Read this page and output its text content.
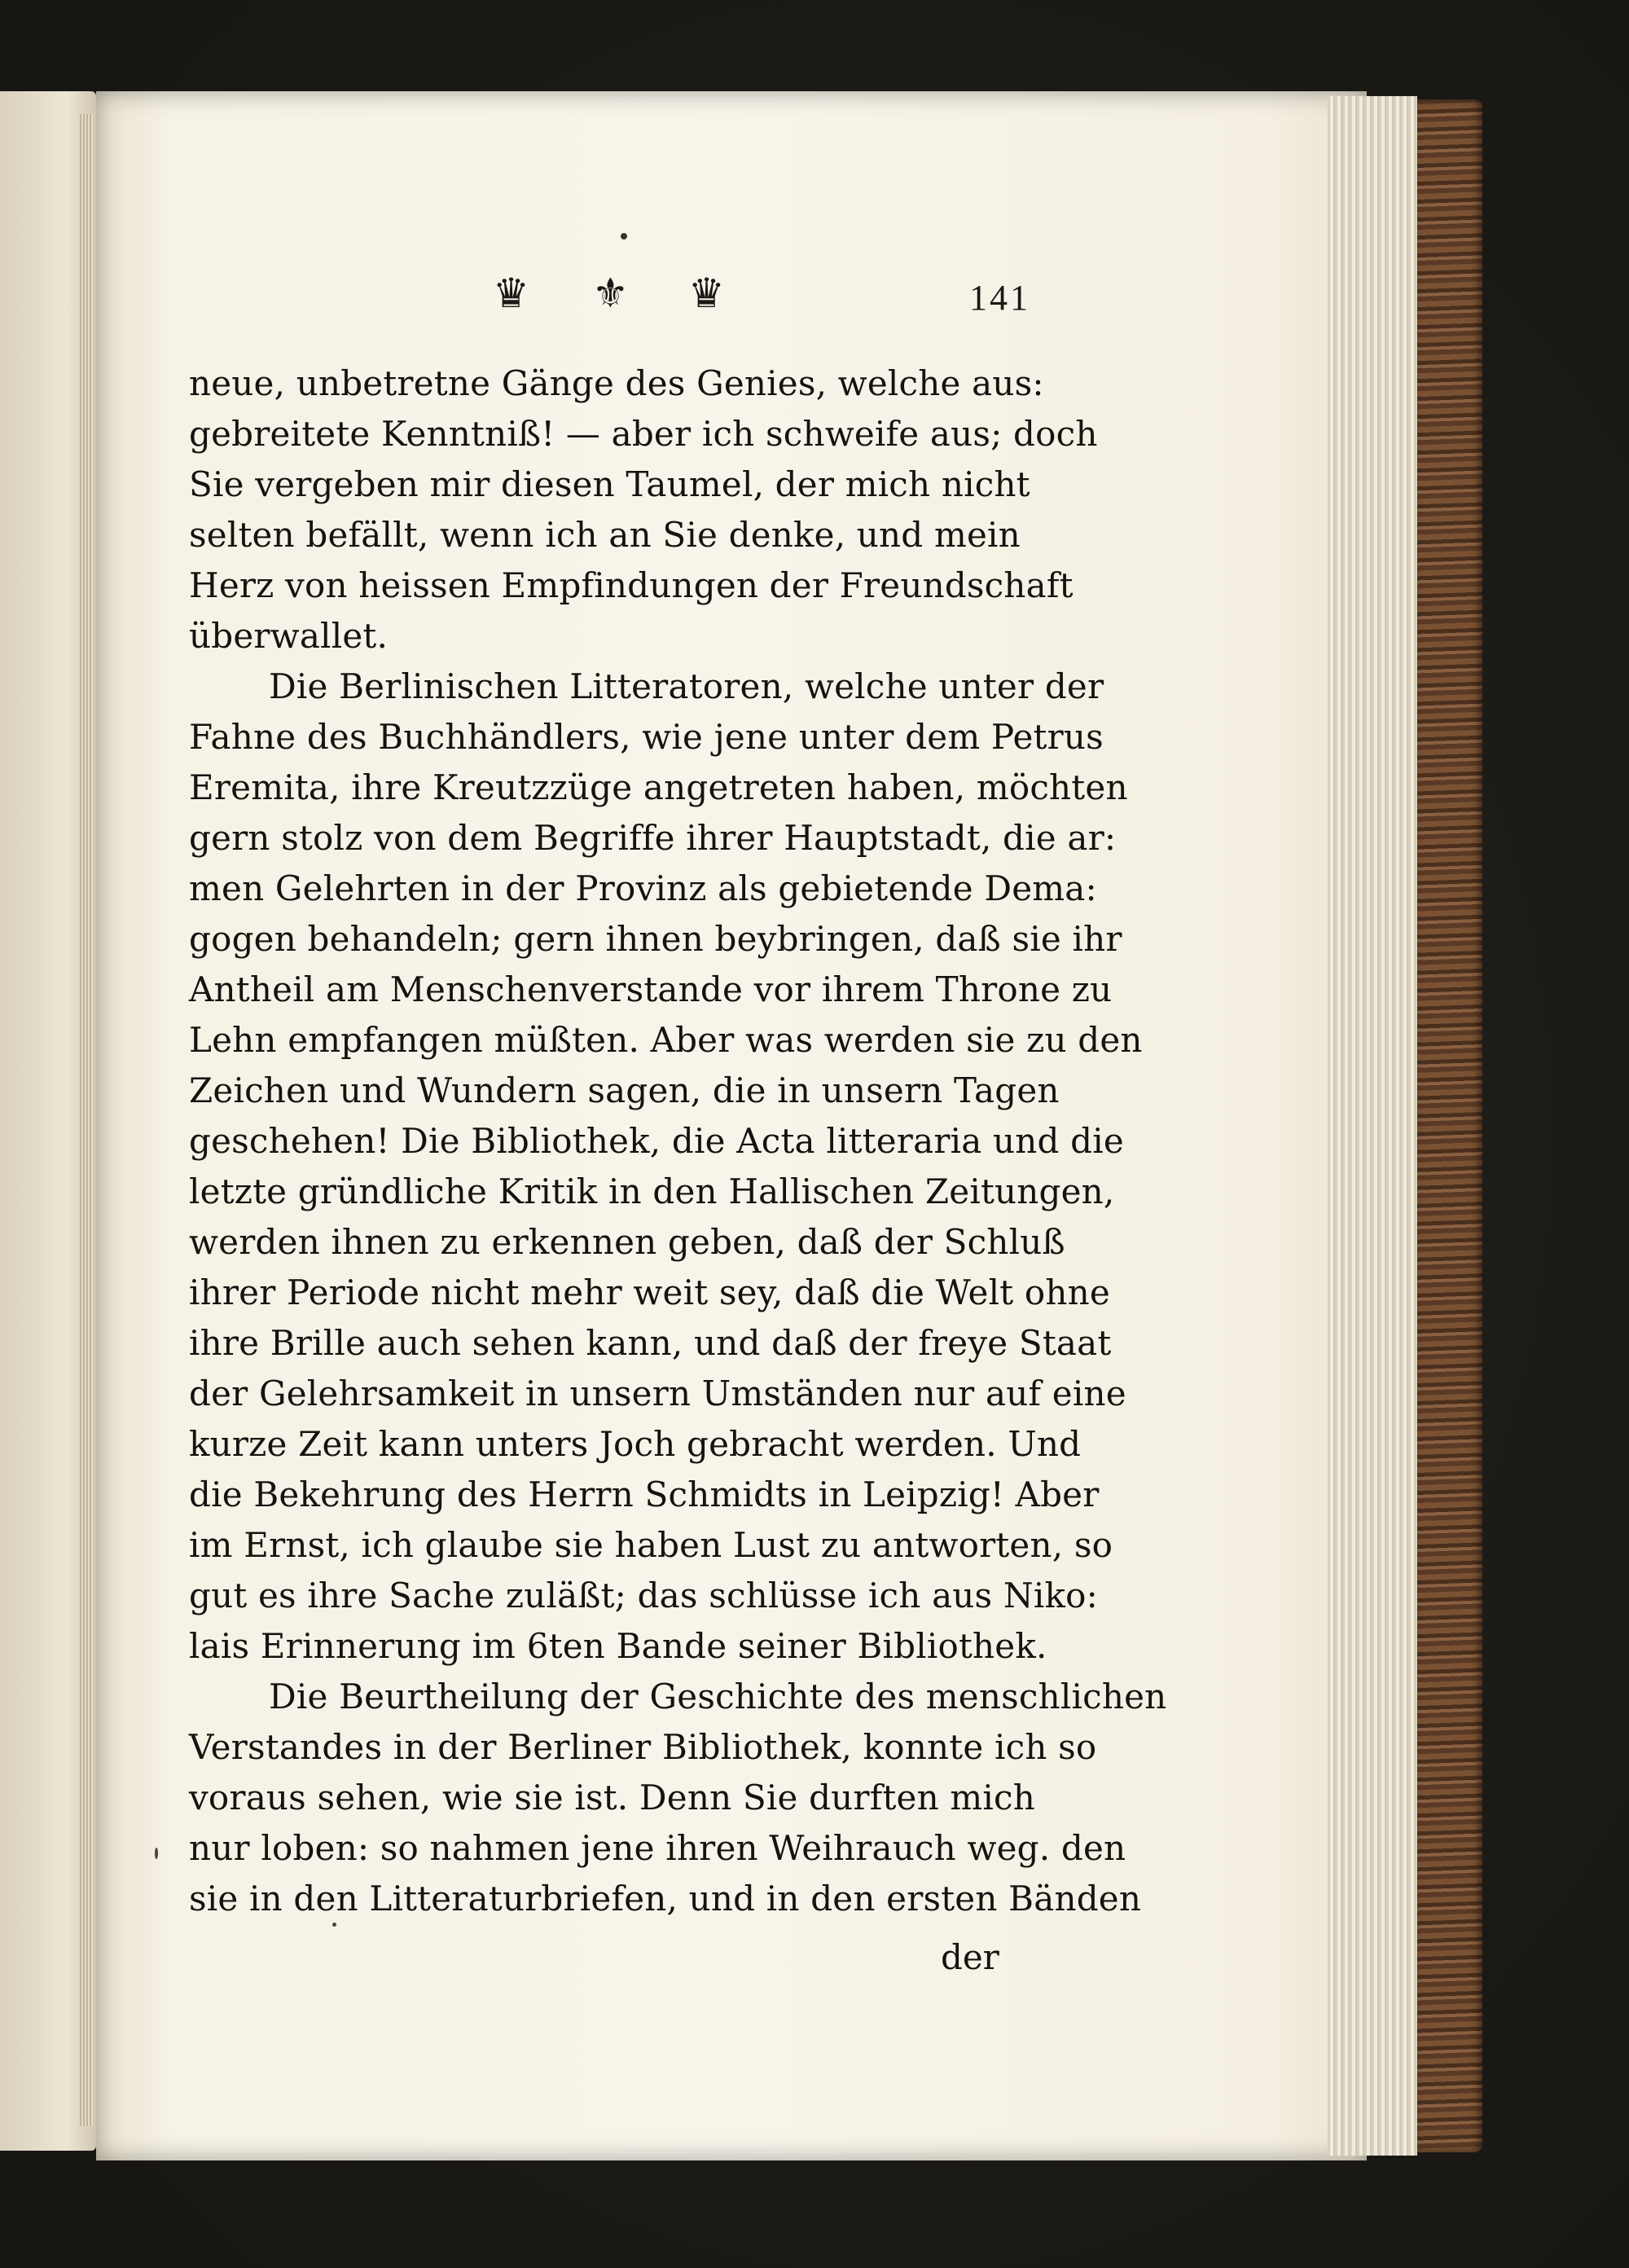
♛ ⚜ ♛	141
neue, unbetretne Gänge des Genies, welche aus:
gebreitete Kenntniß! — aber ich schweife aus; doch
Sie vergeben mir diesen Taumel, der mich nicht
selten befällt, wenn ich an Sie denke, und mein
Herz von heissen Empfindungen der Freundschaft
überwallet.
Die Berlinischen Litteratoren, welche unter der
Fahne des Buchhändlers, wie jene unter dem Petrus
Eremita, ihre Kreutzzüge angetreten haben, möchten
gern stolz von dem Begriffe ihrer Hauptstadt, die ar:
men Gelehrten in der Provinz als gebietende Dema:
gogen behandeln; gern ihnen beybringen, daß sie ihr
Antheil am Menschenverstande vor ihrem Throne zu
Lehn empfangen müßten. Aber was werden sie zu den
Zeichen und Wundern sagen, die in unsern Tagen
geschehen! Die Bibliothek, die Acta litteraria und die
letzte gründliche Kritik in den Hallischen Zeitungen,
werden ihnen zu erkennen geben, daß der Schluß
ihrer Periode nicht mehr weit sey, daß die Welt ohne
ihre Brille auch sehen kann, und daß der freye Staat
der Gelehrsamkeit in unsern Umständen nur auf eine
kurze Zeit kann unters Joch gebracht werden. Und
die Bekehrung des Herrn Schmidts in Leipzig! Aber
im Ernst, ich glaube sie haben Lust zu antworten, so
gut es ihre Sache zuläßt; das schlüsse ich aus Niko:
lais Erinnerung im 6ten Bande seiner Bibliothek.
Die Beurtheilung der Geschichte des menschlichen
Verstandes in der Berliner Bibliothek, konnte ich so
voraus sehen, wie sie ist. Denn Sie durften mich
nur loben: so nahmen jene ihren Weihrauch weg. den
sie in den Litteraturbriefen, und in den ersten Bänden
der
